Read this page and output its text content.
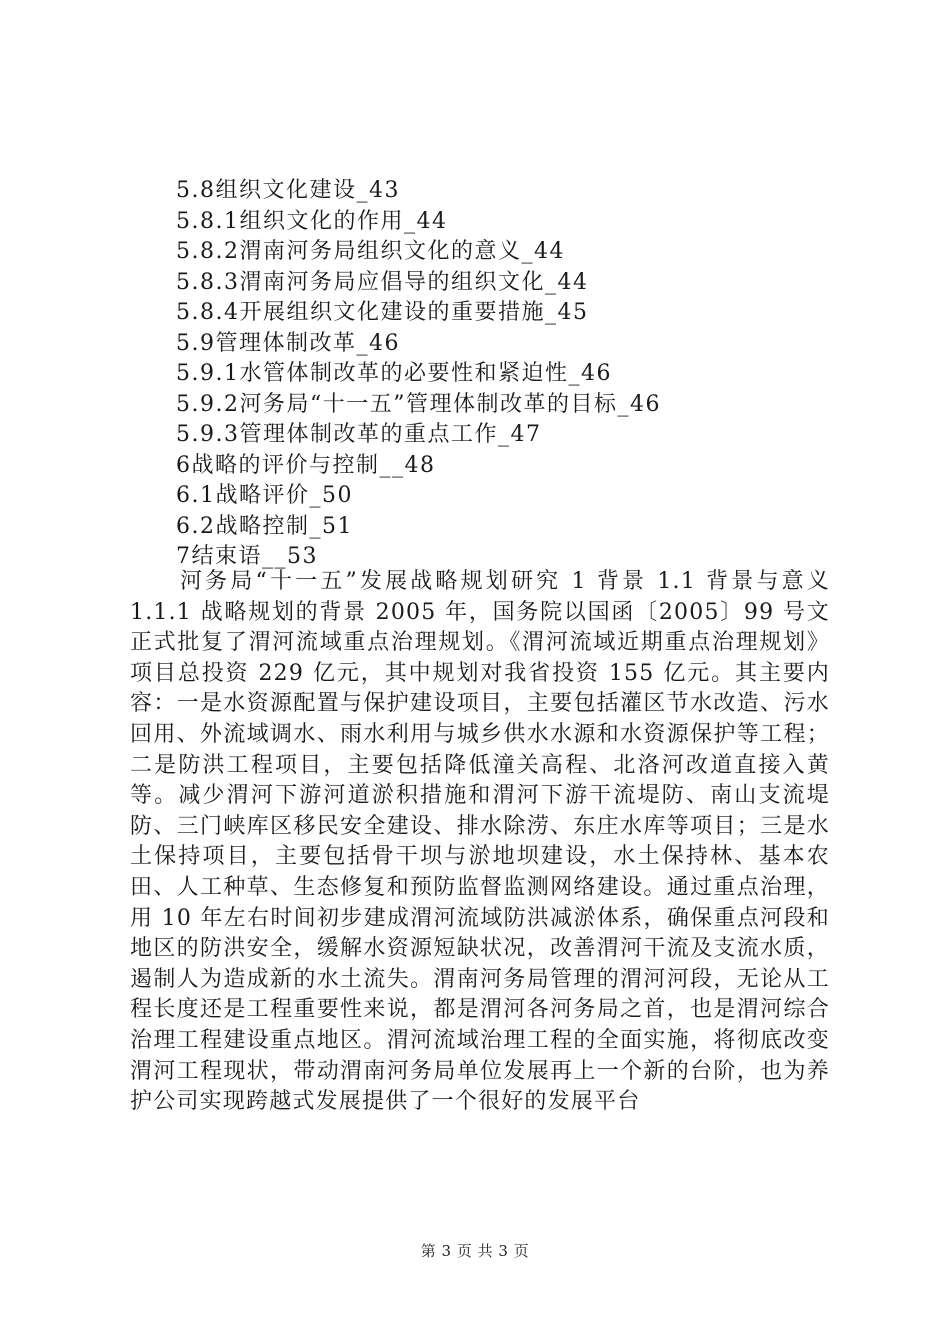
5.8组织文化建设_43
5.8.1组织文化的作用_44
5.8.2渭南河务局组织文化的意义_44
5.8.3渭南河务局应倡导的组织文化_44
5.8.4开展组织文化建设的重要措施_45
5.9管理体制改革_46
5.9.1水管体制改革的必要性和紧迫性_46
5.9.2河务局“十一五”管理体制改革的目标_46
5.9.3管理体制改革的重点工作_47
6战略的评价与控制__48
6.1战略评价_50
6.2战略控制_51
7结束语__53

河务局“十一五”发展战略规划研究 1 背景 1.1 背景与意义 1.1.1 战略规划的背景 2005 年，国务院以国函〔2005〕99 号文正式批复了渭河流域重点治理规划。《渭河流域近期重点治理规划》项目总投资 229 亿元，其中规划对我省投资 155 亿元。其主要内容：一是水资源配置与保护建设项目，主要包括灌区节水改造、污水回用、外流域调水、雨水利用与城乡供水水源和水资源保护等工程；二是防洪工程项目，主要包括降低潼关高程、北洛河改道直接入黄等。减少渭河下游河道淤积措施和渭河下游干流堤防、南山支流堤防、三门峡库区移民安全建设、排水除涝、东庄水库等项目；三是水土保持项目，主要包括骨干坝与淤地坝建设，水土保持林、基本农田、人工种草、生态修复和预防监督监测网络建设。通过重点治理，用 10 年左右时间初步建成渭河流域防洪减淤体系，确保重点河段和地区的防洪安全，缓解水资源短缺状况，改善渭河干流及支流水质，遏制人为造成新的水土流失。渭南河务局管理的渭河河段，无论从工程长度还是工程重要性来说，都是渭河各河务局之首，也是渭河综合治理工程建设重点地区。渭河流域治理工程的全面实施，将彻底改变渭河工程现状，带动渭南河务局单位发展再上一个新的台阶，也为养护公司实现跨越式发展提供了一个很好的发展平台

第 3 页 共 3 页
